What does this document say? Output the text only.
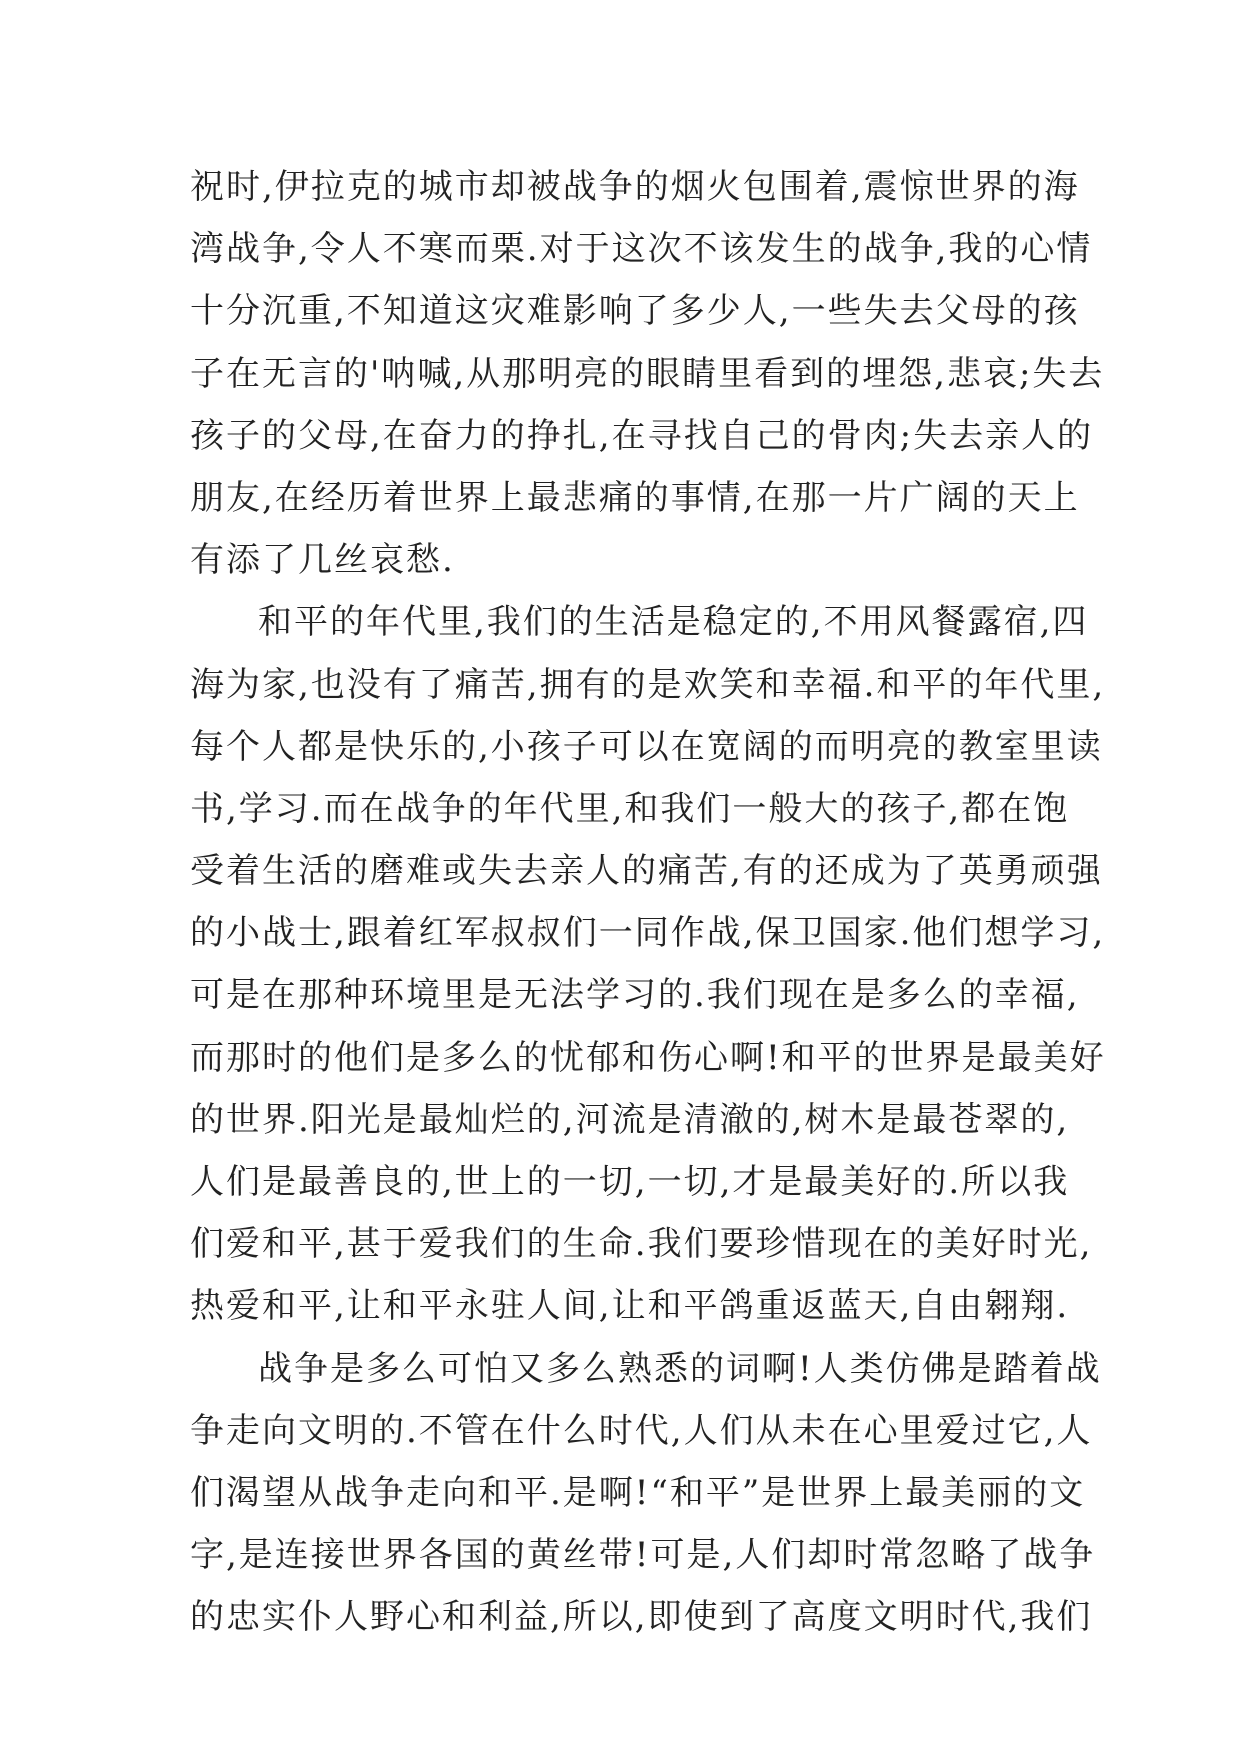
祝时,伊拉克的城市却被战争的烟火包围着,震惊世界的海
湾战争,令人不寒而栗.对于这次不该发生的战争,我的心情
十分沉重,不知道这灾难影响了多少人,一些失去父母的孩
子在无言的'呐喊,从那明亮的眼睛里看到的埋怨,悲哀;失去
孩子的父母,在奋力的挣扎,在寻找自己的骨肉;失去亲人的
朋友,在经历着世界上最悲痛的事情,在那一片广阔的天上
有添了几丝哀愁.
和平的年代里,我们的生活是稳定的,不用风餐露宿,四
海为家,也没有了痛苦,拥有的是欢笑和幸福.和平的年代里,
每个人都是快乐的,小孩子可以在宽阔的而明亮的教室里读
书,学习.而在战争的年代里,和我们一般大的孩子,都在饱
受着生活的磨难或失去亲人的痛苦,有的还成为了英勇顽强
的小战士,跟着红军叔叔们一同作战,保卫国家.他们想学习,
可是在那种环境里是无法学习的.我们现在是多么的幸福,
而那时的他们是多么的忧郁和伤心啊!和平的世界是最美好
的世界.阳光是最灿烂的,河流是清澈的,树木是最苍翠的,
人们是最善良的,世上的一切,一切,才是最美好的.所以我
们爱和平,甚于爱我们的生命.我们要珍惜现在的美好时光,
热爱和平,让和平永驻人间,让和平鸽重返蓝天,自由翱翔.
战争是多么可怕又多么熟悉的词啊!人类仿佛是踏着战
争走向文明的.不管在什么时代,人们从未在心里爱过它,人
们渴望从战争走向和平.是啊!“和平”是世界上最美丽的文
字,是连接世界各国的黄丝带!可是,人们却时常忽略了战争
的忠实仆人野心和利益,所以,即使到了高度文明时代,我们
